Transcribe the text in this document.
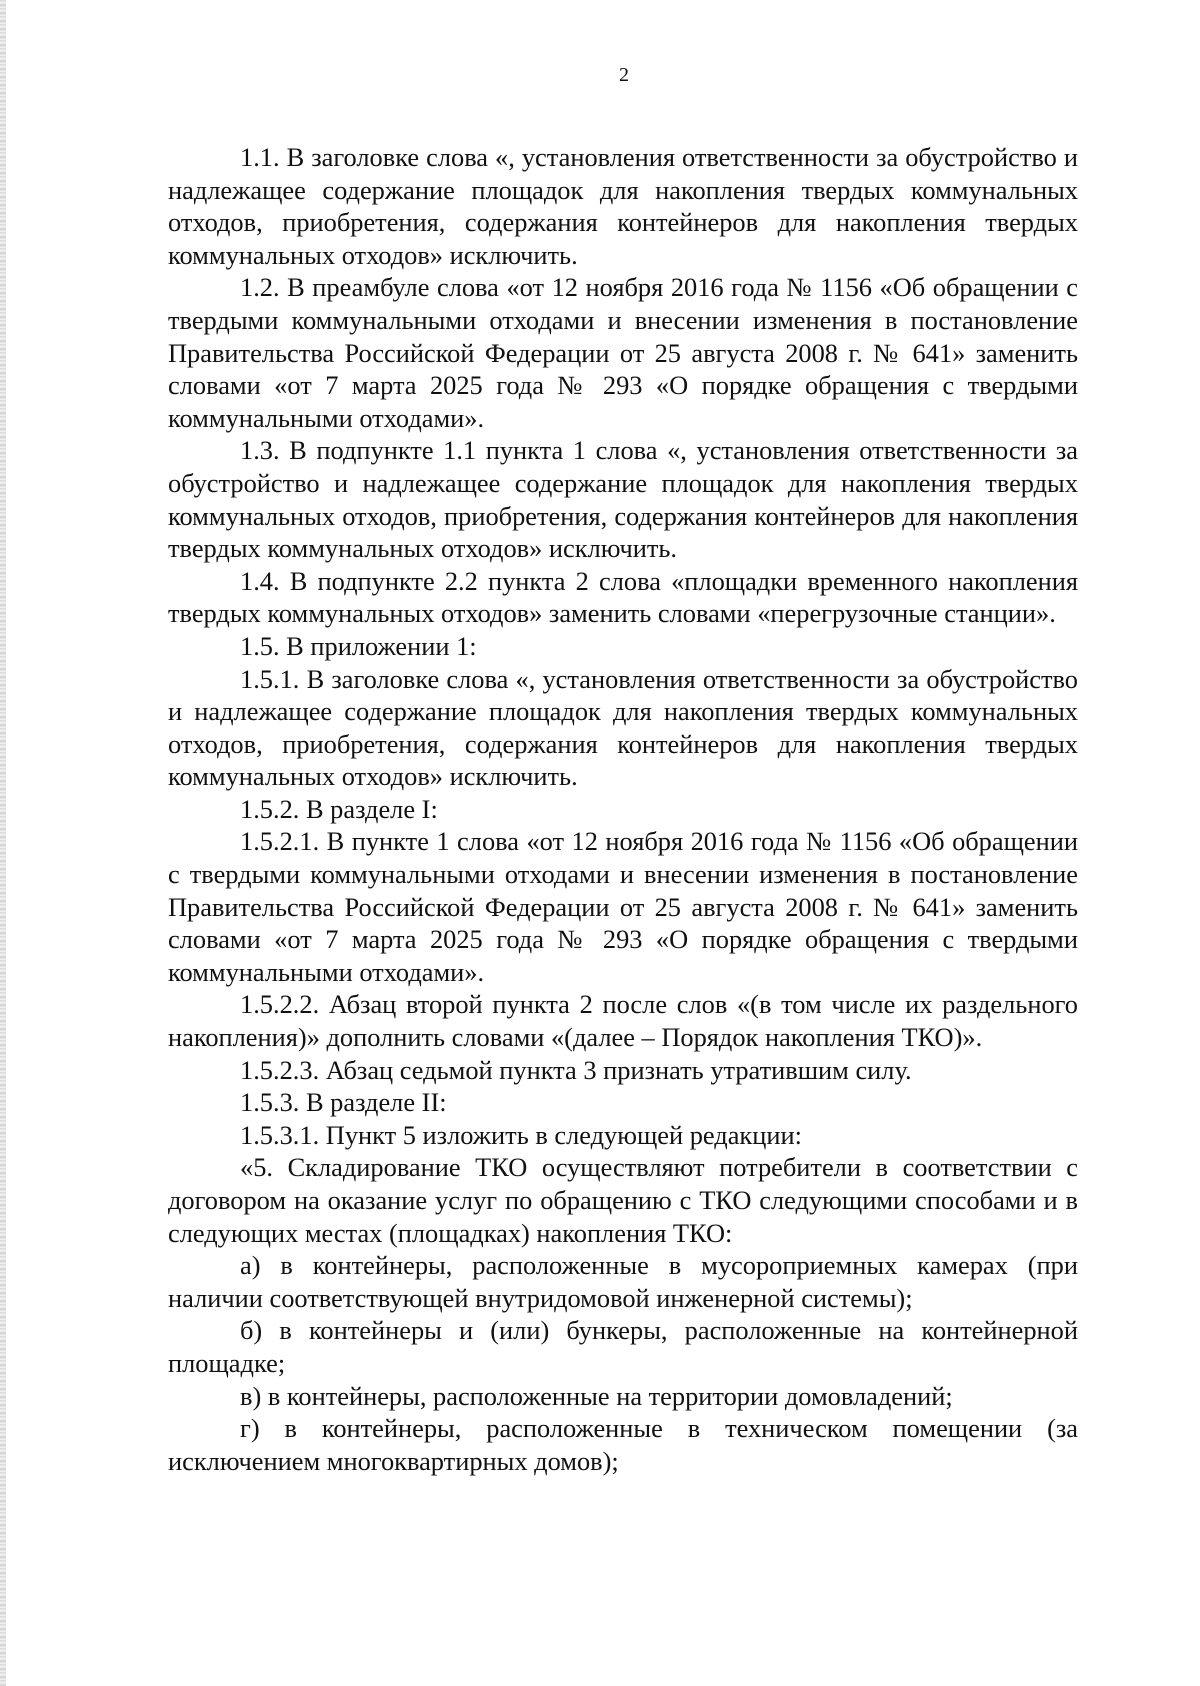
2

1.1. В заголовке слова «, установления ответственности за обустройство и надлежащее содержание площадок для накопления твердых коммунальных отходов, приобретения, содержания контейнеров для накопления твердых коммунальных отходов» исключить.

1.2. В преамбуле слова «от 12 ноября 2016 года № 1156 «Об обращении с твердыми коммунальными отходами и внесении изменения в постановление Правительства Российской Федерации от 25 августа 2008 г. № 641» заменить словами «от 7 марта 2025 года № 293 «О порядке обращения с твердыми коммунальными отходами».

1.3. В подпункте 1.1 пункта 1 слова «, установления ответственности за обустройство и надлежащее содержание площадок для накопления твердых коммунальных отходов, приобретения, содержания контейнеров для накопления твердых коммунальных отходов» исключить.

1.4. В подпункте 2.2 пункта 2 слова «площадки временного накопления твердых коммунальных отходов» заменить словами «перегрузочные станции».

1.5. В приложении 1:

1.5.1. В заголовке слова «, установления ответственности за обустройство и надлежащее содержание площадок для накопления твердых коммунальных отходов, приобретения, содержания контейнеров для накопления твердых коммунальных отходов» исключить.

1.5.2. В разделе I:

1.5.2.1. В пункте 1 слова «от 12 ноября 2016 года № 1156 «Об обращении с твердыми коммунальными отходами и внесении изменения в постановление Правительства Российской Федерации от 25 августа 2008 г. № 641» заменить словами «от 7 марта 2025 года № 293 «О порядке обращения с твердыми коммунальными отходами».

1.5.2.2. Абзац второй пункта 2 после слов «(в том числе их раздельного накопления)» дополнить словами «(далее – Порядок накопления ТКО)».

1.5.2.3. Абзац седьмой пункта 3 признать утратившим силу.

1.5.3. В разделе II:

1.5.3.1. Пункт 5 изложить в следующей редакции:

«5. Складирование ТКО осуществляют потребители в соответствии с договором на оказание услуг по обращению с ТКО следующими способами и в следующих местах (площадках) накопления ТКО:

а) в контейнеры, расположенные в мусороприемных камерах (при наличии соответствующей внутридомовой инженерной системы);

б) в контейнеры и (или) бункеры, расположенные на контейнерной площадке;

в) в контейнеры, расположенные на территории домовладений;

г) в контейнеры, расположенные в техническом помещении (за исключением многоквартирных домов);
